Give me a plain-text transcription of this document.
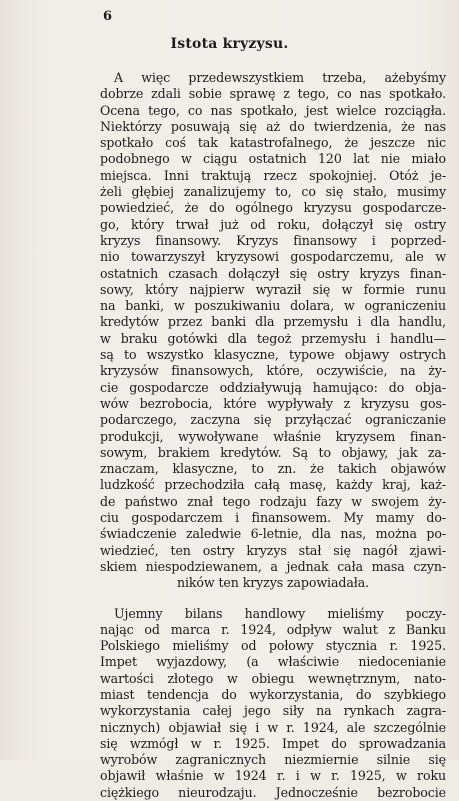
6
Istota kryzysu.
A więc przedewszystkiem trzeba, ażebyśmy
dobrze zdali sobie sprawę z tego, co nas spotkało.
Ocena tego, co nas spotkało, jest wielce rozciągła.
Niektórzy posuwają się aż do twierdzenia, że nas
spotkało coś tak katastrofalnego, że jeszcze nic
podobnego w ciągu ostatnich 120 lat nie miało
miejsca. Inni traktują rzecz spokojniej. Otóż je-
żeli głębiej zanalizujemy to, co się stało, musimy
powiedzieć, że do ogólnego kryzysu gospodarcze-
go, który trwał już od roku, dołączył się ostry
kryzys finansowy. Kryzys finansowy i poprzed-
nio towarzyszył kryzysowi gospodarczemu, ale w
ostatnich czasach dołączył się ostry kryzys finan-
sowy, który najpierw wyraził się w formie runu
na banki, w poszukiwaniu dolara, w ograniczeniu
kredytów przez banki dla przemysłu i dla handlu,
w braku gotówki dla tegoż przemysłu i handlu—
są to wszystko klasyczne, typowe objawy ostrych
kryzysów finansowych, które, oczywiście, na ży-
cie gospodarcze oddziaływują hamująco: do obja-
wów bezrobocia, które wypływały z kryzysu gos-
podarczego, zaczyna się przyłączać ograniczanie
produkcji, wywoływane właśnie kryzysem finan-
sowym, brakiem kredytów. Są to objawy, jak za-
znaczam, klasyczne, to zn. że takich objawów
ludzkość przechodziła całą masę, każdy kraj, każ-
de państwo znał tego rodzaju fazy w swojem ży-
ciu gospodarczem i finansowem. My mamy do-
świadczenie zaledwie 6-letnie, dla nas, można po-
wiedzieć, ten ostry kryzys stał się nagół zjawi-
skiem niespodziewanem, a jednak cała masa czyn-
ników ten kryzys zapowiadała.
Ujemny bilans handlowy mieliśmy poczy-
nając od marca r. 1924, odpływ walut z Banku
Polskiego mieliśmy od połowy stycznia r. 1925.
Impet wyjazdowy, (a właściwie niedocenianie
wartości złotego w obiegu wewnętrznym, nato-
miast tendencja do wykorzystania, do szybkiego
wykorzystania całej jego siły na rynkach zagra-
nicznych) objawiał się i w r. 1924, ale szczególnie
się wzmógł w r. 1925. Impet do sprowadzania
wyrobów zagranicznych niezmiernie silnie się
objawił właśnie w 1924 r. i w r. 1925, w roku
ciężkiego nieurodzaju. Jednocześnie bezrobocie
